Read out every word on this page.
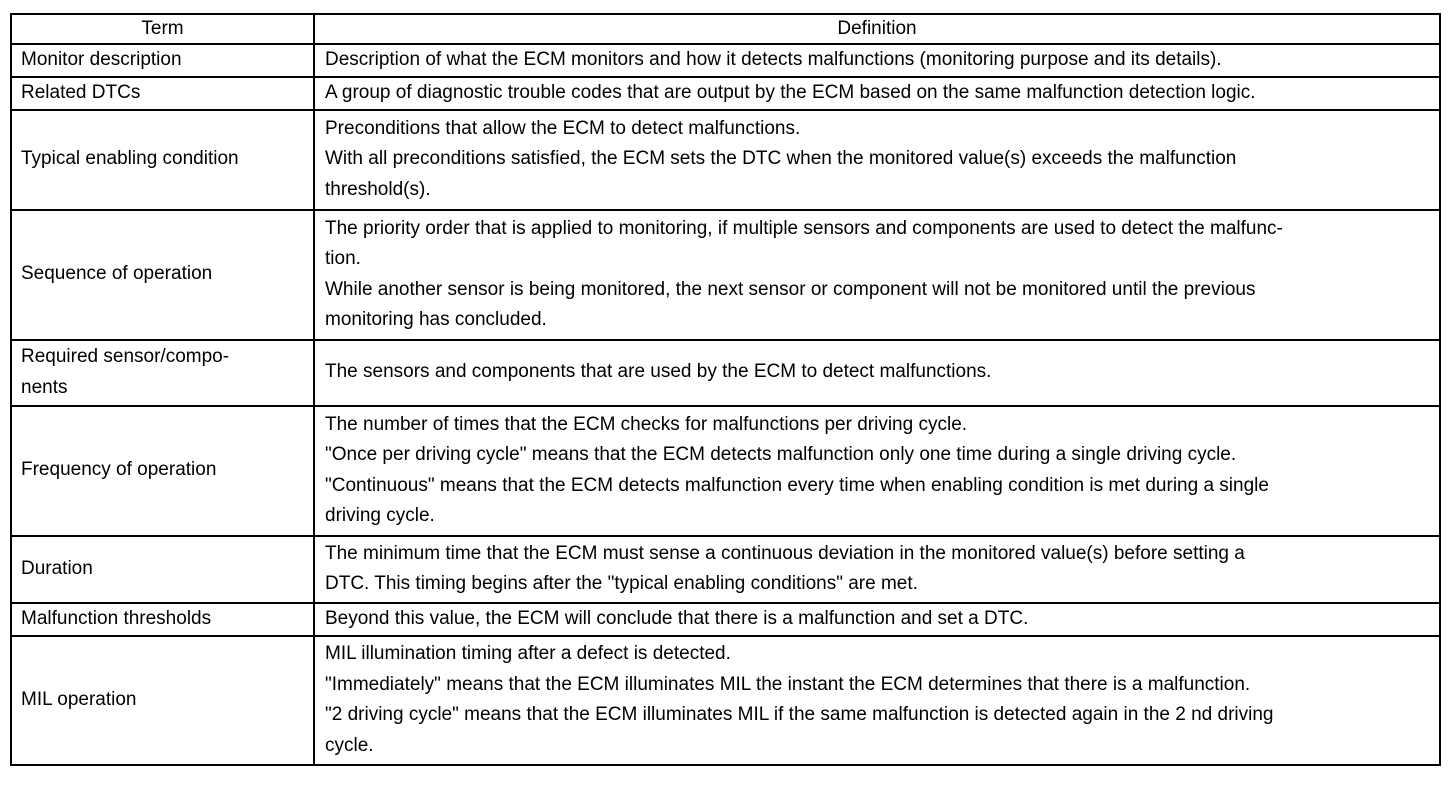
Term	Definition

Monitor description	Description of what the ECM monitors and how it detects malfunctions (monitoring purpose and its details).

Related DTCs	A group of diagnostic trouble codes that are output by the ECM based on the same malfunction detection logic.

Typical enabling condition	Preconditions that allow the ECM to detect malfunctions.
With all preconditions satisfied, the ECM sets the DTC when the monitored value(s) exceeds the malfunction
threshold(s).

Sequence of operation	The priority order that is applied to monitoring, if multiple sensors and components are used to detect the malfunc-
tion.
While another sensor is being monitored, the next sensor or component will not be monitored until the previous
monitoring has concluded.

Required sensor/compo-
nents	The sensors and components that are used by the ECM to detect malfunctions.

Frequency of operation	The number of times that the ECM checks for malfunctions per driving cycle.
"Once per driving cycle" means that the ECM detects malfunction only one time during a single driving cycle.
"Continuous" means that the ECM detects malfunction every time when enabling condition is met during a single
driving cycle.

Duration	The minimum time that the ECM must sense a continuous deviation in the monitored value(s) before setting a
DTC. This timing begins after the "typical enabling conditions" are met.

Malfunction thresholds	Beyond this value, the ECM will conclude that there is a malfunction and set a DTC.

MIL operation	MIL illumination timing after a defect is detected.
"Immediately" means that the ECM illuminates MIL the instant the ECM determines that there is a malfunction.
"2 driving cycle" means that the ECM illuminates MIL if the same malfunction is detected again in the 2 nd driving
cycle.
